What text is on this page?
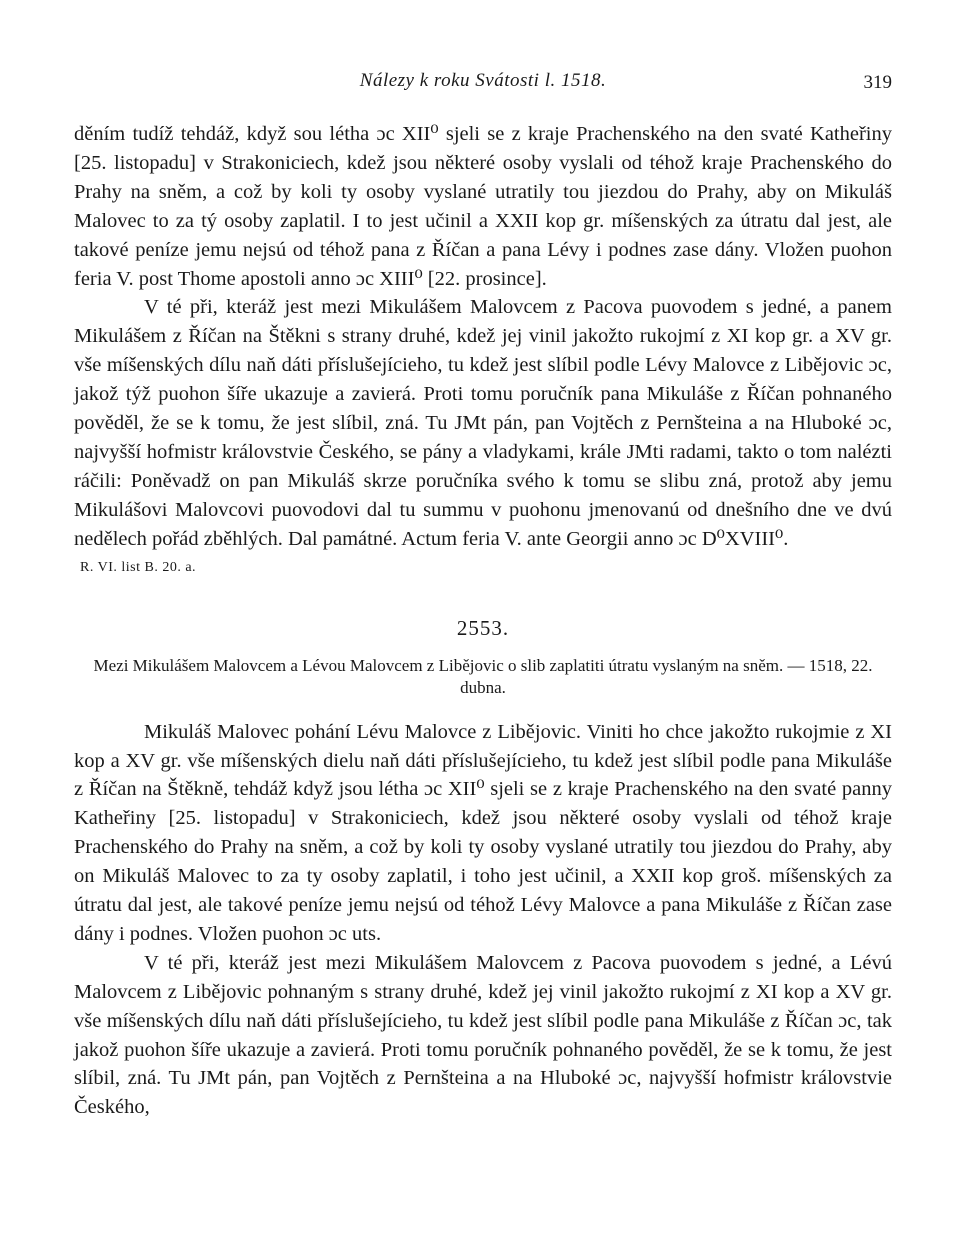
Nálezy k roku Svátosti l. 1518.	319

děním tudíž tehdáž, když sou létha ɔc XII⁰ sjeli se z kraje Prachenského na den svaté Kathеřiny [25. listopadu] v Strakoniciech, kdež jsou některé osoby vyslali od téhož kraje Prachenského do Prahy na sněm, a což by koli ty osoby vyslané utratily tou jiezdou do Prahy, aby on Mikuláš Malovec to za tý osoby zaplatil. I to jest učinil a XXII kop gr. míšenských za útratu dal jest, ale takové peníze jemu nejsú od téhož pana z Říčan a pana Lévy i podnes zase dány. Vložen puohon feria V. post Thome apostoli anno ɔc XIII⁰ [22. prosince].

V té při, kteráž jest mezi Mikulášem Malovcem z Pacova puovodem s jedné, a panem Mikulášem z Říčan na Štěkni s strany druhé, kdež jej vinil jakožto rukojmí z XI kop gr. a XV gr. vše míšenských dílu naň dáti příslušejícieho, tu kdež jest slíbil podle Lévy Malovce z Libějovic ɔc, jakož týž puohon šíře ukazuje a zavierá. Proti tomu poručník pana Mikuláše z Říčan pohnaného pověděl, že se k tomu, že jest slíbil, zná. Tu JMt pán, pan Vojtěch z Pernšteina a na Hluboké ɔc, najvyšší hofmistr královstvie Českého, se pány a vladykami, krále JMti radami, takto o tom nalézti ráčili: Poněvadž on pan Mikuláš skrze poručníka svého k tomu se slibu zná, protož aby jemu Mikulášovi Malovcovi puovodovi dal tu summu v puohonu jmenovanú od dnešního dne ve dvú nedělech pořád zběhlých. Dal památné. Actum feria V. ante Georgii anno ɔc D⁰XVIII⁰.

R. VI. list B. 20. a.
2553.
Mezi Mikulášem Malovcem a Lévou Malovcem z Libějovic o slib zaplatiti útratu vyslaným na sněm. — 1518, 22. dubna.

Mikuláš Malovec pohání Lévu Malovce z Libějovic. Viniti ho chce jakožto rukojmie z XI kop a XV gr. vše míšenských dielu naň dáti příslušejícieho, tu kdež jest slíbil podle pana Mikuláše z Říčan na Štěkně, tehdáž když jsou létha ɔc XII⁰ sjeli se z kraje Prachenského na den svaté panny Kathеřiny [25. listopadu] v Strakoniciech, kdež jsou některé osoby vyslali od téhož kraje Prachenského do Prahy na sněm, a což by koli ty osoby vyslané utratily tou jiezdou do Prahy, aby on Mikuláš Malovec to za ty osoby zaplatil, i toho jest učinil, a XXII kop groš. míšenských za útratu dal jest, ale takové peníze jemu nejsú od téhož Lévy Malovce a pana Mikuláše z Říčan zase dány i podnes. Vložen puohon ɔc uts.

V té při, kteráž jest mezi Mikulášem Malovcem z Pacova puovodem s jedné, a Lévú Malovcem z Libějovic pohnaným s strany druhé, kdež jej vinil jakožto rukojmí z XI kop a XV gr. vše míšenských dílu naň dáti příslušejícieho, tu kdež jest slíbil podle pana Mikuláše z Říčan ɔc, tak jakož puohon šíře ukazuje a zavierá. Proti tomu poručník pohnaného pověděl, že se k tomu, že jest slíbil, zná. Tu JMt pán, pan Vojtěch z Pernšteina a na Hluboké ɔc, najvyšší hofmistr královstvie Českého,
